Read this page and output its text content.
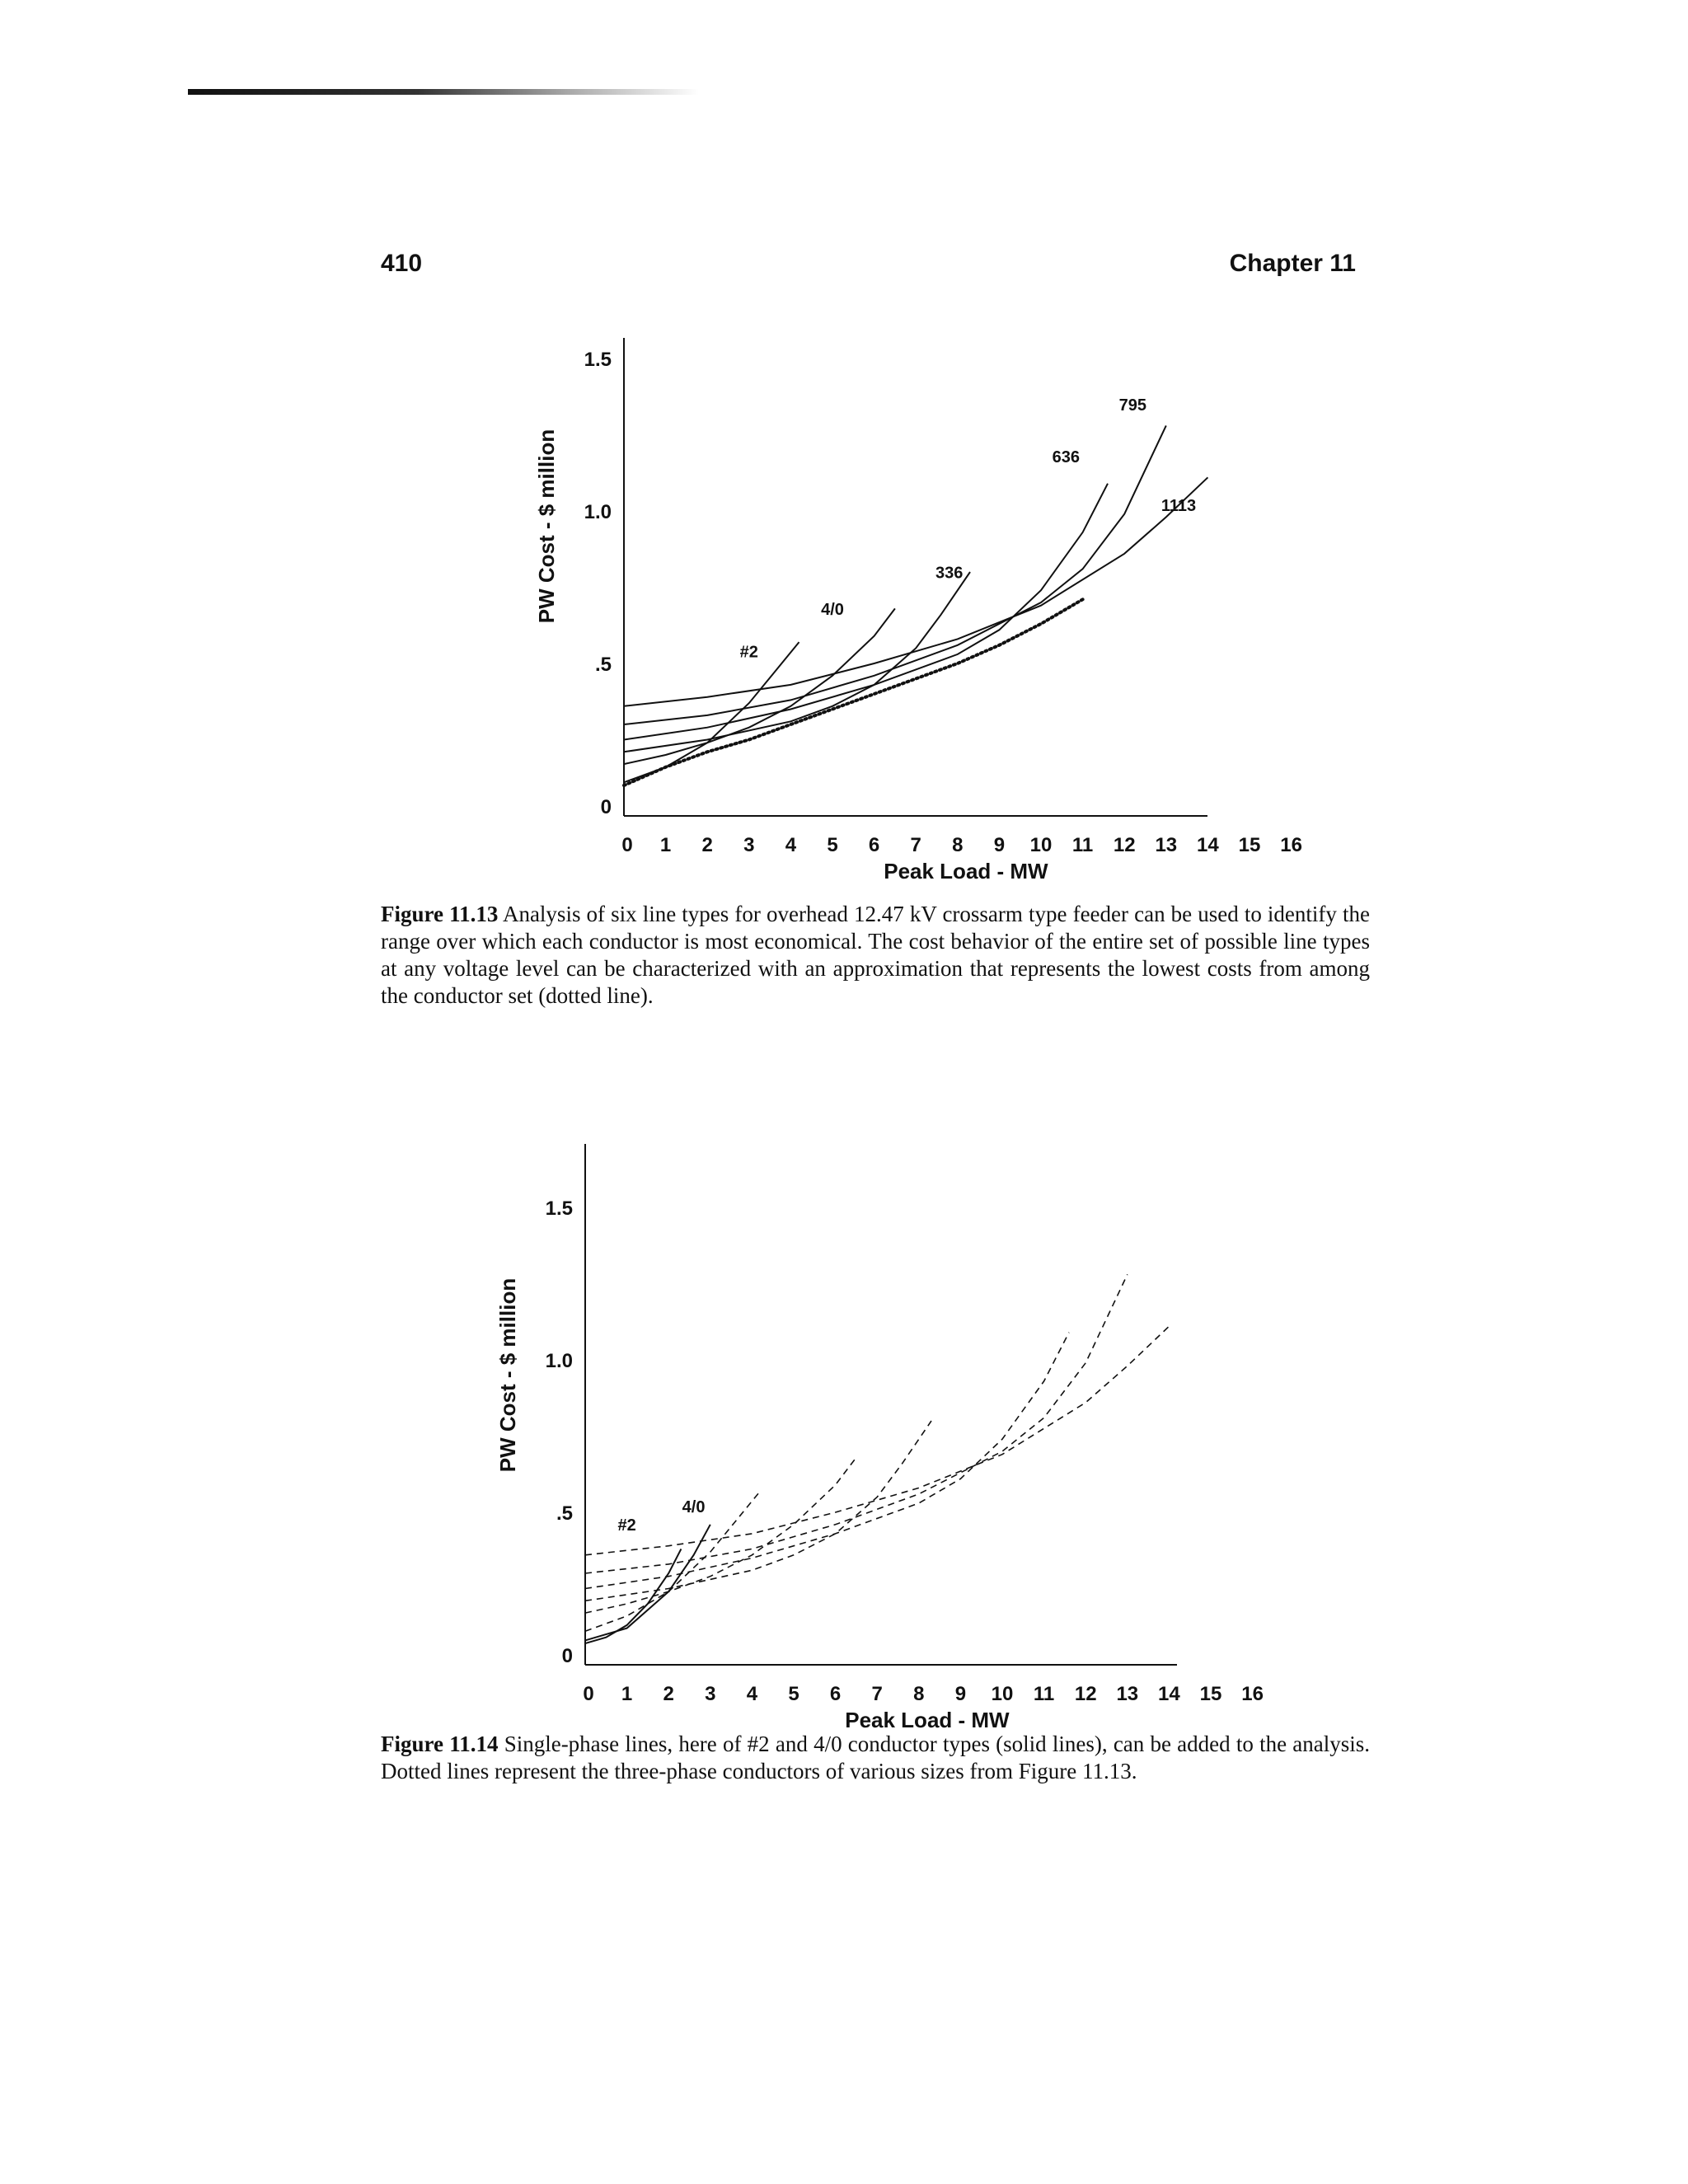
410	Chapter 11
0 1 2 3 4 5 6 7 8 9 10 11 12 13 14 15 16
0
.5
1.0
1.5
Peak Load - MW
PW Cost - $ million
#2
4/0
336
636
795
1113
Figure 11.13 Analysis of six line types for overhead 12.47 kV crossarm type feeder can be used to identify the range over which each conductor is most economical. The cost behavior of the entire set of possible line types at any voltage level can be characterized with an approximation that represents the lowest costs from among the conductor set (dotted line).
0 1 2 3 4 5 6 7 8 9 10 11 12 13 14 15 16
0
.5
1.0
1.5
Peak Load - MW
PW Cost - $ million
#2
4/0
Figure 11.14 Single-phase lines, here of #2 and 4/0 conductor types (solid lines), can be added to the analysis. Dotted lines represent the three-phase conductors of various sizes from Figure 11.13.
